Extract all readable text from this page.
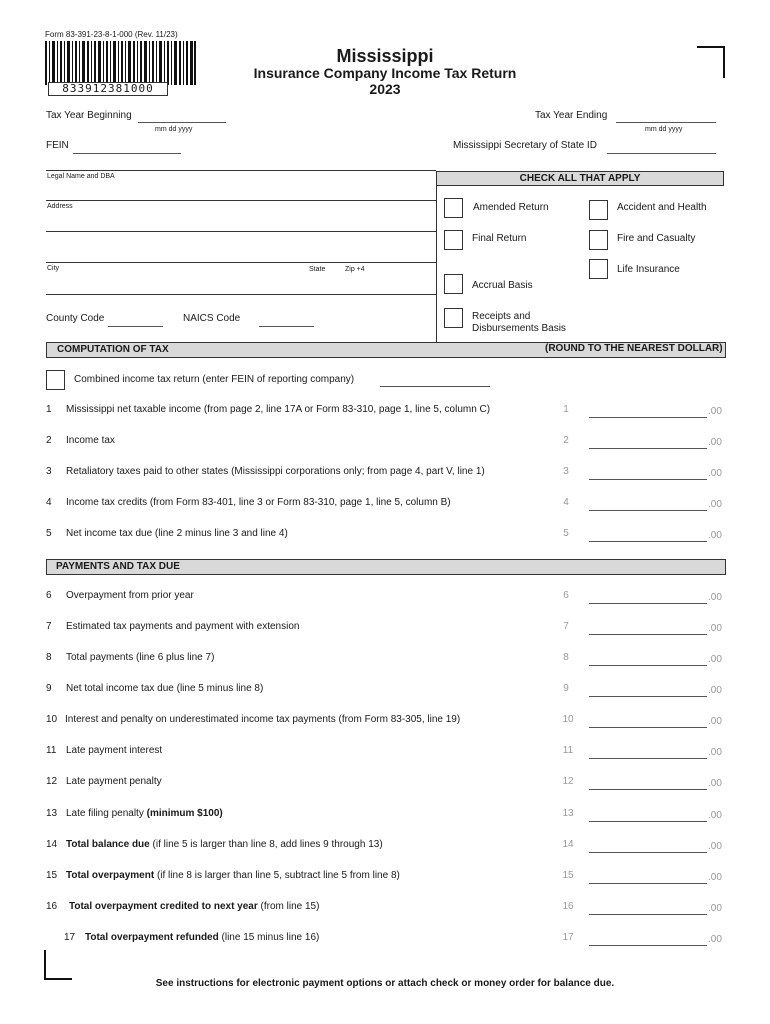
Form 83-391-23-8-1-000 (Rev. 11/23)
833912381000
Mississippi
Insurance Company Income Tax Return
2023
Tax Year Beginning
mm dd yyyy
Tax Year Ending
mm dd yyyy
FEIN	Mississippi Secretary of State ID
Legal Name and DBA
Address
City	State	Zip +4
County Code	NAICS Code
CHECK ALL THAT APPLY
Amended Return	Accident and Health
Final Return	Fire and Casualty
Life Insurance
Accrual Basis
Receipts and
Disbursements Basis
COMPUTATION OF TAX	(ROUND TO THE NEAREST DOLLAR)
Combined income tax return (enter FEIN of reporting company)
1 Mississippi net taxable income (from page 2, line 17A or Form 83-310, page 1, line 5, column C)	1	.00
2 Income tax	2	.00
3 Retaliatory taxes paid to other states (Mississippi corporations only; from page 4, part V, line 1)	3	.00
4 Income tax credits (from Form 83-401, line 3 or Form 83-310, page 1, line 5, column B)	4	.00
5 Net income tax due (line 2 minus line 3 and line 4)	5	.00
PAYMENTS AND TAX DUE
6 Overpayment from prior year	6	.00
7 Estimated tax payments and payment with extension	7	.00
8 Total payments (line 6 plus line 7)	8	.00
9 Net total income tax due (line 5 minus line 8)	9	.00
10 Interest and penalty on underestimated income tax payments (from Form 83-305, line 19)	10	.00
11 Late payment interest	11	.00
12 Late payment penalty	12	.00
13 Late filing penalty (minimum $100)	13	.00
14 Total balance due (if line 5 is larger than line 8, add lines 9 through 13)	14	.00
15 Total overpayment (if line 8 is larger than line 5, subtract line 5 from line 8)	15	.00
16 Total overpayment credited to next year (from line 15)	16	.00
17 Total overpayment refunded (line 15 minus line 16)	17	.00
See instructions for electronic payment options or attach check or money order for balance due.
